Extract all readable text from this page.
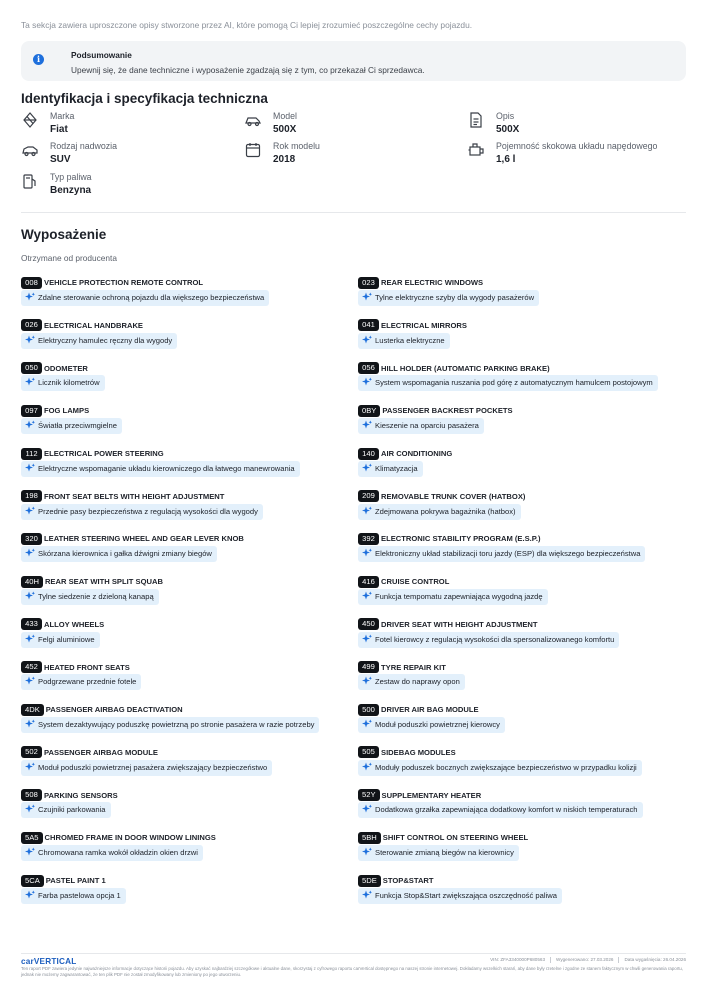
Ta sekcja zawiera uproszczone opisy stworzone przez AI, które pomogą Ci lepiej zrozumieć poszczególne cechy pojazdu.
i	Podsumowanie
Upewnij się, że dane techniczne i wyposażenie zgadzają się z tym, co przekazał Ci sprzedawca.
Identyfikacja i specyfikacja techniczna
Marka
Fiat
Model
500X
Opis
500X
Rodzaj nadwozia
SUV
Rok modelu
2018
Pojemność skokowa układu napędowego
1,6 l
Typ paliwa
Benzyna
Wyposażenie
Otrzymane od producenta
008 VEHICLE PROTECTION REMOTE CONTROL
Zdalne sterowanie ochroną pojazdu dla większego bezpieczeństwa
023 REAR ELECTRIC WINDOWS
Tylne elektryczne szyby dla wygody pasażerów
026 ELECTRICAL HANDBRAKE
Elektryczny hamulec ręczny dla wygody
041 ELECTRICAL MIRRORS
Lusterka elektryczne
050 ODOMETER
Licznik kilometrów
056 HILL HOLDER (AUTOMATIC PARKING BRAKE)
System wspomagania ruszania pod górę z automatycznym hamulcem postojowym
097 FOG LAMPS
Światła przeciwmgielne
0BY PASSENGER BACKREST POCKETS
Kieszenie na oparciu pasażera
112 ELECTRICAL POWER STEERING
Elektryczne wspomaganie układu kierowniczego dla łatwego manewrowania
140 AIR CONDITIONING
Klimatyzacja
198 FRONT SEAT BELTS WITH HEIGHT ADJUSTMENT
Przednie pasy bezpieczeństwa z regulacją wysokości dla wygody
209 REMOVABLE TRUNK COVER (HATBOX)
Zdejmowana pokrywa bagażnika (hatbox)
320 LEATHER STEERING WHEEL AND GEAR LEVER KNOB
Skórzana kierownica i gałka dźwigni zmiany biegów
392 ELECTRONIC STABILITY PROGRAM (E.S.P.)
Elektroniczny układ stabilizacji toru jazdy (ESP) dla większego bezpieczeństwa
40H REAR SEAT WITH SPLIT SQUAB
Tylne siedzenie z dzieloną kanapą
416 CRUISE CONTROL
Funkcja tempomatu zapewniająca wygodną jazdę
433 ALLOY WHEELS
Felgi aluminiowe
450 DRIVER SEAT WITH HEIGHT ADJUSTMENT
Fotel kierowcy z regulacją wysokości dla spersonalizowanego komfortu
452 HEATED FRONT SEATS
Podgrzewane przednie fotele
499 TYRE REPAIR KIT
Zestaw do naprawy opon
4DK PASSENGER AIRBAG DEACTIVATION
System dezaktywujący poduszkę powietrzną po stronie pasażera w razie potrzeby
500 DRIVER AIR BAG MODULE
Moduł poduszki powietrznej kierowcy
502 PASSENGER AIRBAG MODULE
Moduł poduszki powietrznej pasażera zwiększający bezpieczeństwo
505 SIDEBAG MODULES
Moduły poduszek bocznych zwiększające bezpieczeństwo w przypadku kolizji
508 PARKING SENSORS
Czujniki parkowania
52Y SUPPLEMENTARY HEATER
Dodatkowa grzałka zapewniająca dodatkowy komfort w niskich temperaturach
5A5 CHROMED FRAME IN DOOR WINDOW LININGS
Chromowana ramka wokół okładzin okien drzwi
5BH SHIFT CONTROL ON STEERING WHEEL
Sterowanie zmianą biegów na kierownicy
5CA PASTEL PAINT 1
Farba pastelowa opcja 1
5DE STOP&START
Funkcja Stop&Start zwiększająca oszczędność paliwa
carVERTICAL	VIN: ZFA3340000P680563 Wygenerowano: 27.03.2026 Data wygaśnięcia: 26.04.2026
Ten raport PDF zawiera jedynie najważniejsze informacje dotyczące historii pojazdu. Aby uzyskać najbardziej szczegółowe i aktualne dane, skorzystaj z cyfrowego raportu carVertical dostępnego na naszej stronie internetowej. Dokładamy wszelkich starań, aby dane były rzetelne i zgodne ze stanem faktycznym w chwili generowania raportu, jednak nie możemy zagwarantować, że ten plik PDF nie został zmodyfikowany lub zmieniony po jego utworzeniu.
